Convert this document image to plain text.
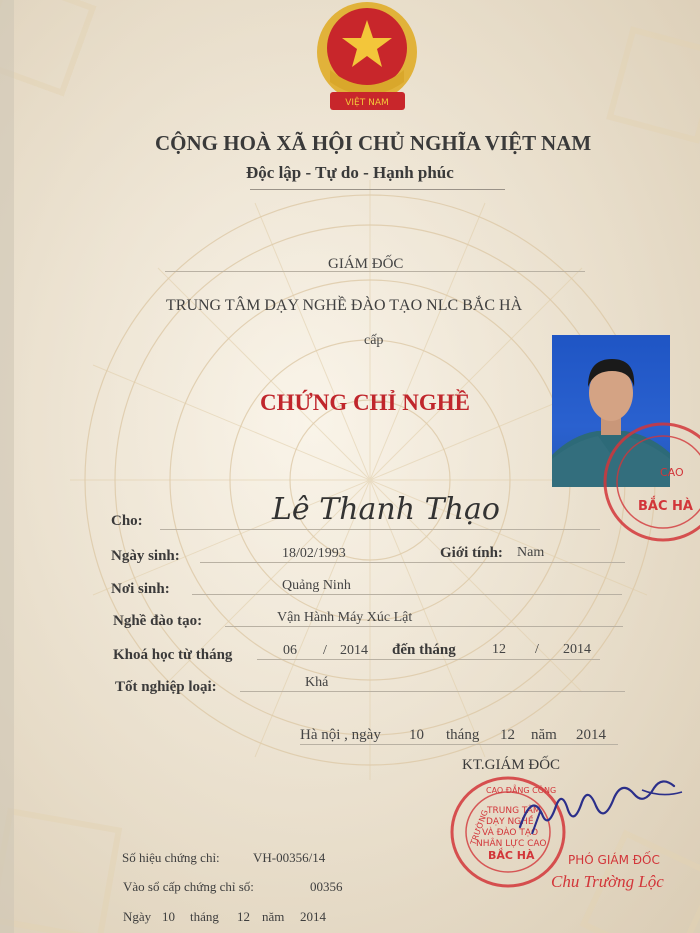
VIỆT NAM
CỘNG HOÀ XÃ HỘI CHỦ NGHĨA VIỆT NAM
Độc lập - Tự do - Hạnh phúc
GIÁM ĐỐC
TRUNG TÂM DẠY NGHỀ ĐÀO TẠO NLC BẮC HÀ
cấp
CHỨNG CHỈ NGHỀ
CAO
BẮC HÀ
Cho:	Lê Thanh Thạo
Ngày sinh:	18/02/1993	Giới tính: Nam
Nơi sinh:	Quảng Ninh
Nghề đào tạo:	Vận Hành Máy Xúc Lật
Khoá học từ tháng	06 / 2014 đến tháng	12 / 2014
Tốt nghiệp loại:	Khá
Hà nội , ngày 10 tháng 12 năm 2014
KT.GIÁM ĐỐC
CAO ĐẲNG CÔNG
TRUNG TÂM
DẠY NGHỀ
VÀ ĐÀO TẠO
NHÂN LỰC CAO
BẮC HÀ
TRƯỜNG
PHÓ GIÁM ĐỐC
Chu Trường Lộc
Số hiệu chứng chỉ:	VH-00356/14
Vào sổ cấp chứng chỉ số:	00356
Ngày 10 tháng 12 năm 2014
